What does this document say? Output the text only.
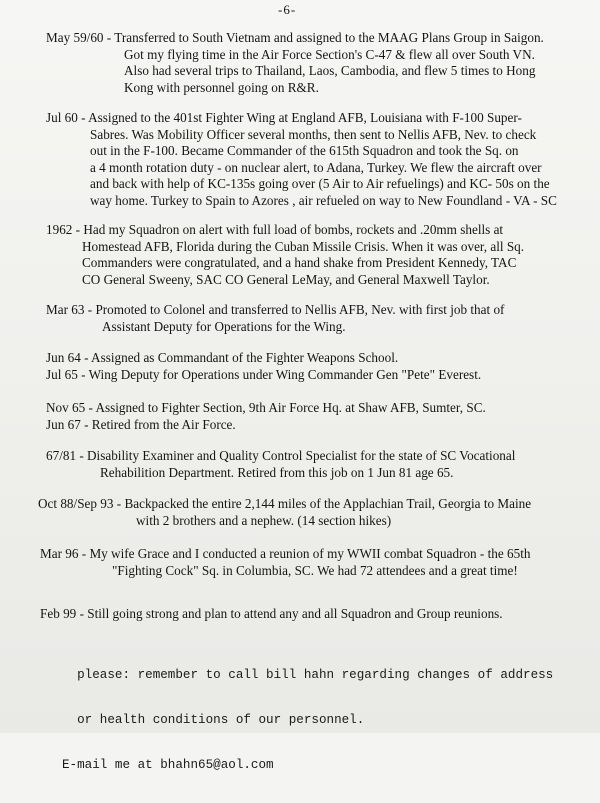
-6-
May 59/60 - Transferred to South Vietnam and assigned to the MAAG Plans Group in Saigon.
Got my flying time in the Air Force Section's C-47 & flew all over South VN.
Also had several trips to Thailand, Laos, Cambodia, and flew 5 times to Hong
Kong with personnel going on R&R.
Jul 60 - Assigned to the 401st Fighter Wing at England AFB, Louisiana with F-100 Super-
Sabres. Was Mobility Officer several months, then sent to Nellis AFB, Nev. to check
out in the F-100. Became Commander of the 615th Squadron and took the Sq. on
a 4 month rotation duty - on nuclear alert, to Adana, Turkey. We flew the aircraft over
and back with help of KC-135s going over (5 Air to Air refuelings) and KC- 50s on the
way home. Turkey to Spain to Azores , air refueled on way to New Foundland - VA - SC
1962 - Had my Squadron on alert with full load of bombs, rockets and .20mm shells at
Homestead AFB, Florida during the Cuban Missile Crisis. When it was over, all Sq.
Commanders were congratulated, and a hand shake from President Kennedy, TAC
CO General Sweeny, SAC CO General LeMay, and General Maxwell Taylor.
Mar 63 - Promoted to Colonel and transferred to Nellis AFB, Nev. with first job that of
Assistant Deputy for Operations for the Wing.
Jun 64 - Assigned as Commandant of the Fighter Weapons School.
Jul 65 - Wing Deputy for Operations under Wing Commander Gen "Pete" Everest.
Nov 65 - Assigned to Fighter Section, 9th Air Force Hq. at Shaw AFB, Sumter, SC.
Jun 67 - Retired from the Air Force.
67/81 - Disability Examiner and Quality Control Specialist for the state of SC Vocational
Rehabilition Department. Retired from this job on 1 Jun 81 age 65.
Oct 88/Sep 93 - Backpacked the entire 2,144 miles of the Applachian Trail, Georgia to Maine
with 2 brothers and a nephew. (14 section hikes)
Mar 96 - My wife Grace and I conducted a reunion of my WWII combat Squadron - the 65th
"Fighting Cock" Sq. in Columbia, SC. We had 72 attendees and a great time!
Feb 99 - Still going strong and plan to attend any and all Squadron and Group reunions.

please: remember to call bill hahn regarding changes of address

or health conditions of our personnel.

E-mail me at bhahn65@aol.com
